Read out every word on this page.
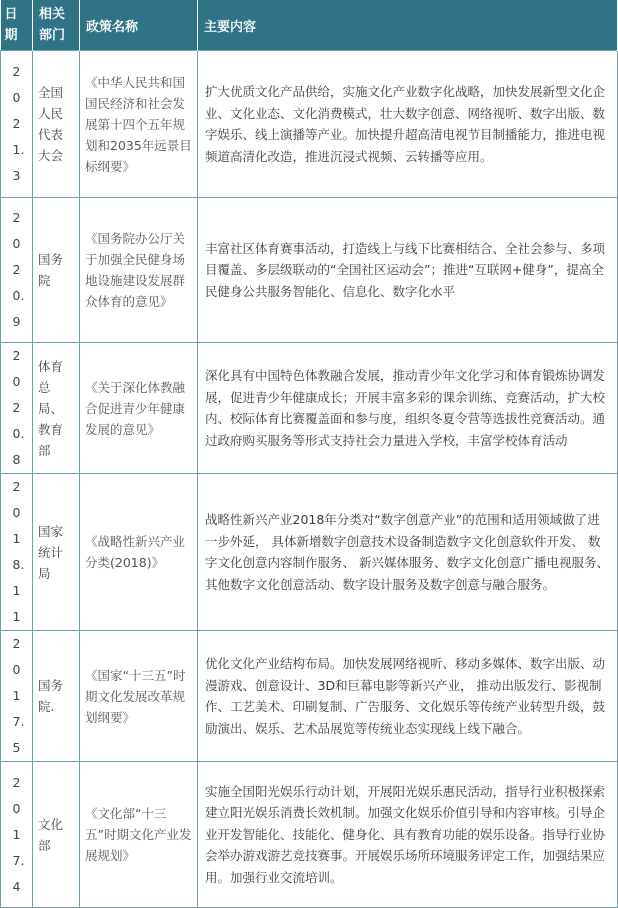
日期	相关部门	政策名称	主要内容

2021.3	全国人民代表大会	《中华人民共和国国民经济和社会发展第十四个五年规划和2035年远景目标纲要》	扩大优质文化产品供给，实施文化产业数字化战略，加快发展新型文化企业、文化业态、文化消费模式，壮大数字创意、网络视听、数字出版、数字娱乐、线上演播等产业。加快提升超高清电视节目制播能力，推进电视频道高清化改造，推进沉浸式视频、云转播等应用。

2020.9	国务院	《国务院办公厅关于加强全民健身场地设施建设发展群众体育的意见》	丰富社区体育赛事活动，打造线上与线下比赛相结合、全社会参与、多项目覆盖、多层级联动的“全国社区运动会”；推进“互联网+健身”，提高全民健身公共服务智能化、信息化、数字化水平

2020.8	体育总局、教育部	《关于深化体教融合促进青少年健康发展的意见》	深化具有中国特色体教融合发展，推动青少年文化学习和体育锻炼协调发展，促进青少年健康成长；开展丰富多彩的课余训练、竞赛活动，扩大校内、校际体育比赛覆盖面和参与度，组织冬夏令营等选拔性竞赛活动。通过政府购买服务等形式支持社会力量进入学校，丰富学校体育活动

2018.11	国家统计局	《战略性新兴产业分类(2018)》	战略性新兴产业2018年分类对“数字创意产业”的范围和适用领域做了进一步外延， 具体新增数字创意技术设备制造数字文化创意软件开发、 数字文化创意内容制作服务、 新兴媒体服务、数字文化创意广播电视服务、其他数字文化创意活动、数字设计服务及数字创意与融合服务。

2017.5	国务院.	《国家“十三五”时期文化发展改革规划纲要》	优化文化产业结构布局。加快发展网络视听、移动多媒体、数字出版、动漫游戏、创意设计、3D和巨幕电影等新兴产业， 推动出版发行、影视制作、工艺美术、印刷复制、广告服务、文化娱乐等传统产业转型升级，鼓励演出、娱乐、艺术品展览等传统业态实现线上线下融合。

2017.4	文化部	《文化部“十三五”时期文化产业发展规划》	实施全国阳光娱乐行动计划，开展阳光娱乐惠民活动，指导行业积极探索建立阳光娱乐消费长效机制。加强文化娱乐价值引导和内容审核。引导企业开发智能化、技能化、健身化、具有教育功能的娱乐设备。指导行业协会举办游戏游艺竞技赛事。开展娱乐场所环境服务评定工作，加强结果应用。加强行业交流培训。
